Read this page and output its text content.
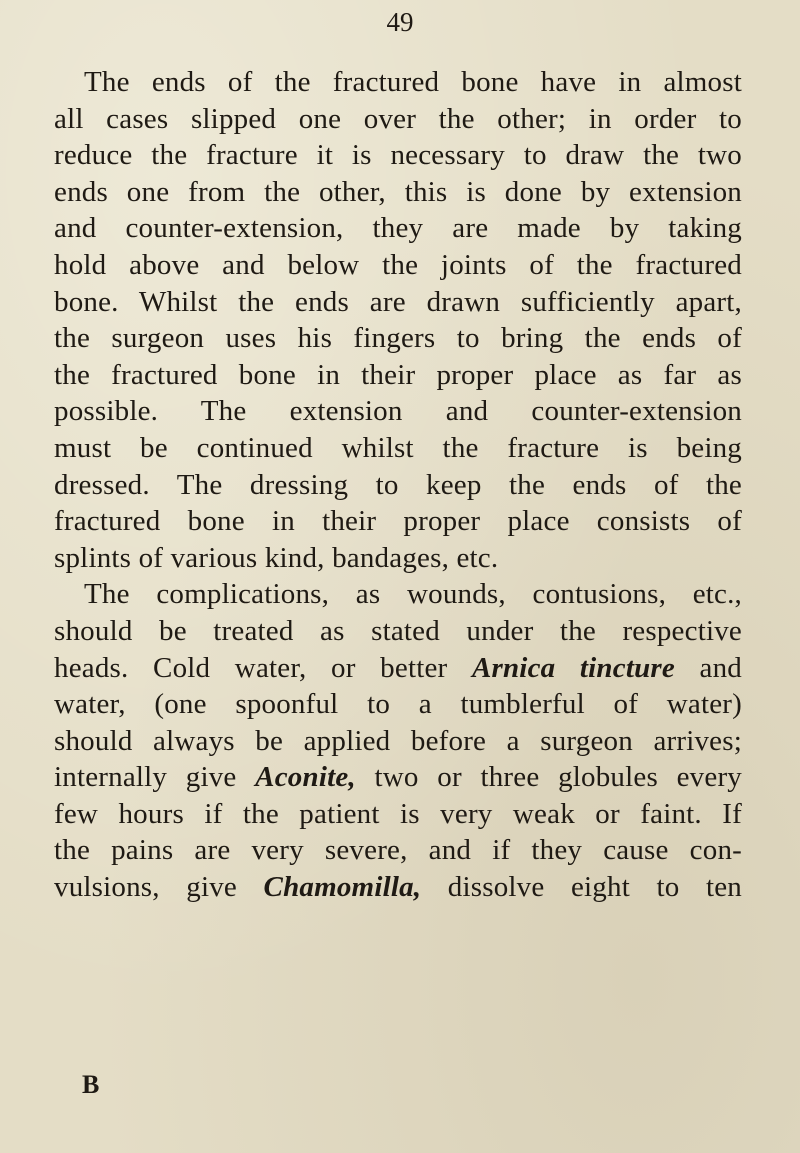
49
The ends of the fractured bone have in almost
all cases slipped one over the other; in order to
reduce the fracture it is necessary to draw the two
ends one from the other, this is done by extension
and counter-extension, they are made by taking
hold above and below the joints of the fractured
bone. Whilst the ends are drawn sufficiently apart,
the surgeon uses his fingers to bring the ends of
the fractured bone in their proper place as far as
possible. The extension and counter-extension
must be continued whilst the fracture is being
dressed. The dressing to keep the ends of the
fractured bone in their proper place consists of
splints of various kind, bandages, etc.
The complications, as wounds, contusions, etc.,
should be treated as stated under the respective
heads. Cold water, or better Arnica tincture and
water, (one spoonful to a tumblerful of water)
should always be applied before a surgeon arrives;
internally give Aconite, two or three globules every
few hours if the patient is very weak or faint. If
the pains are very severe, and if they cause con-
vulsions, give Chamomilla, dissolve eight to ten
B
